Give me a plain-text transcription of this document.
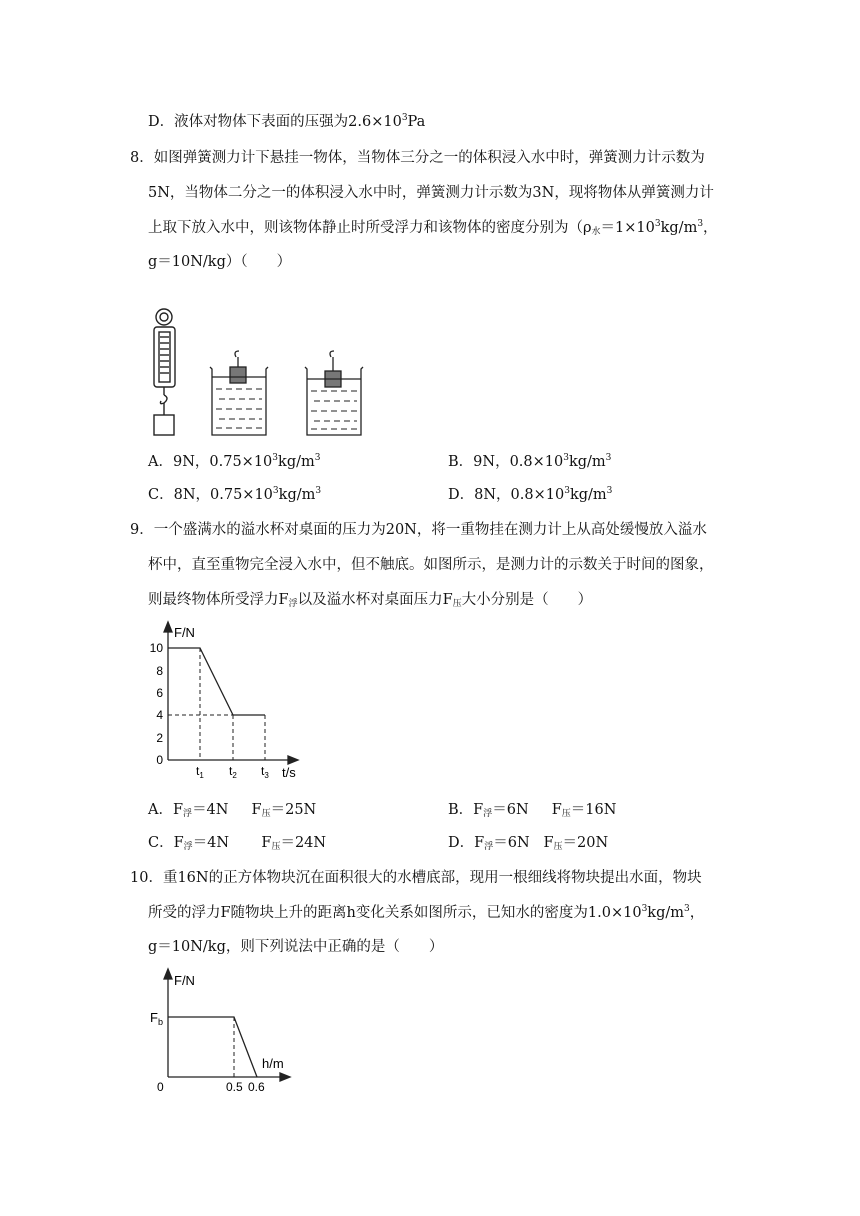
D．液体对物体下表面的压强为$2.6\times 10^3Pa$
8．如图弹簧测力计下悬挂一物体，当物体三分之一的体积浸入水中时，弹簧测力计示数为
5N，当物体二分之一的体积浸入水中时，弹簧测力计示数为3N，现将物体从弹簧测力计
上取下放入水中，则该物体静止时所受浮力和该物体的密度分别为（$\rho_水=1\times 10^3kg/m^3$，
g＝10N/kg）（　　）
A．9N，$0.75\times 10^3kg/m^3$	B．9N，$0.8\times 10^3kg/m^3$
C．8N，$0.75\times 10^3kg/m^3$	D．8N，$0.8\times 10^3kg/m^3$
9．一个盛满水的溢水杯对桌面的压力为20N，将一重物挂在测力计上从高处缓慢放入溢水
杯中，直至重物完全浸入水中，但不触底。如图所示，是测力计的示数关于时间的图象，
则最终物体所受浮力$F_浮$以及溢水杯对桌面压力$F_压$大小分别是（　　）
F/N
0
2
4
6
8
10
$t_1$ $t_2$ $t_3$ t/s
A．$F_浮=4N$ $F_压=25N$	B．$F_浮=6N$ $F_压=16N$
C．$F_浮=4N$ $F_压=24N$	D．$F_浮=6N$ $F_压=20N$
10．重16N的正方体物块沉在面积很大的水槽底部，现用一根细线将物块提出水面，物块
所受的浮力F随物块上升的距离h变化关系如图所示，已知水的密度为$1.0\times 10^3kg/m^3$，
g＝10N/kg，则下列说法中正确的是（　　）
F/N
$F_b$
0
h/m
0.5 0.6
